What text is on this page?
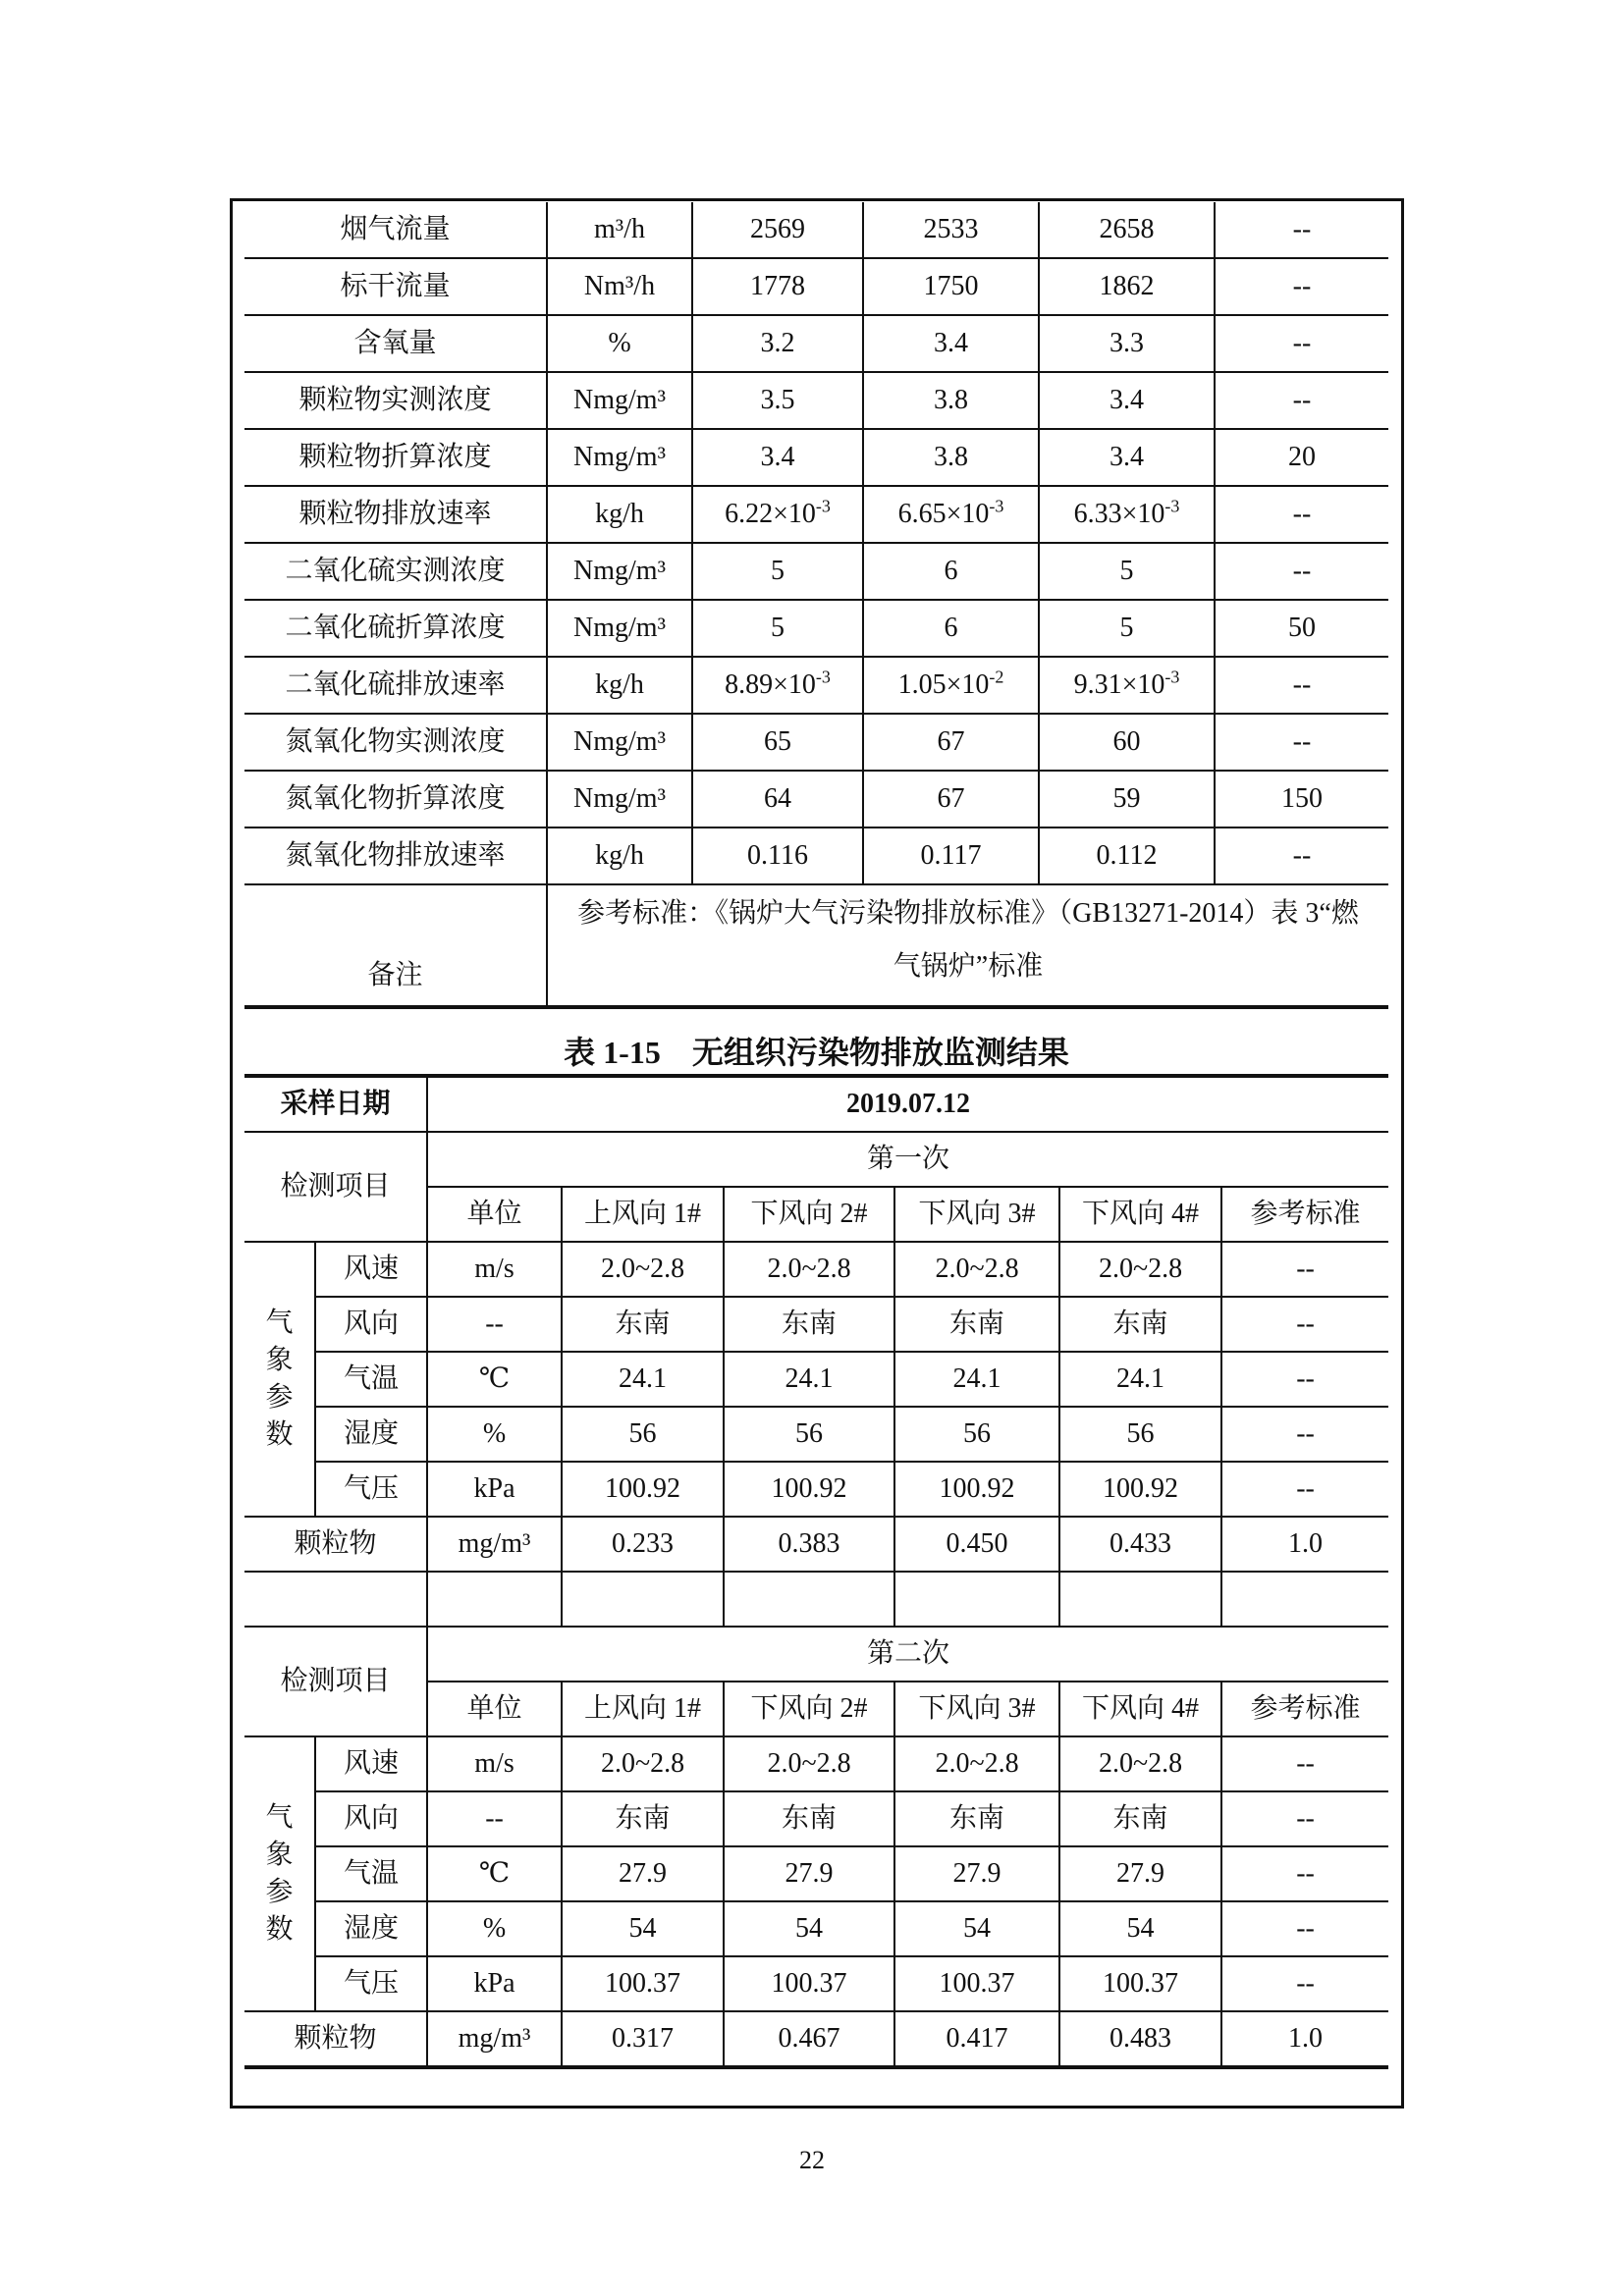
烟气流量	m³/h	2569	2533	2658	--
标干流量	Nm³/h	1778	1750	1862	--
含氧量	%	3.2	3.4	3.3	--
颗粒物实测浓度	Nmg/m³	3.5	3.8	3.4	--
颗粒物折算浓度	Nmg/m³	3.4	3.8	3.4	20
颗粒物排放速率	kg/h	$6.22\times 10^{-3}$	$6.65\times 10^{-3}$	$6.33\times 10^{-3}$	--
二氧化硫实测浓度	Nmg/m³	5	6	5	--
二氧化硫折算浓度	Nmg/m³	5	6	5	50
二氧化硫排放速率	kg/h	$8.89\times 10^{-3}$	$1.05\times 10^{-2}$	$9.31\times 10^{-3}$	--
氮氧化物实测浓度	Nmg/m³	65	67	60	--
氮氧化物折算浓度	Nmg/m³	64	67	59	150
氮氧化物排放速率	kg/h	0.116	0.117	0.112	--
备注	参考标准：《锅炉大气污染物排放标准》（GB13271-2014）表 3“燃
气锅炉”标准				
表 1-15　无组织污染物排放监测结果
采样日期		2019.07.12					
检测项目		第一次					
		单位	上风向 1#	下风向 2#	下风向 3#	下风向 4#	参考标准

气
象
参
数	风速	m/s	2.0~2.8	2.0~2.8	2.0~2.8	2.0~2.8	--
	风向	--	东南	东南	东南	东南	--
	气温	℃	24.1	24.1	24.1	24.1	--
	湿度	%	56	56	56	56	--
	气压	kPa	100.92	100.92	100.92	100.92	--
颗粒物		mg/m³	0.233	0.383	0.450	0.433	1.0

检测项目		第二次					
		单位	上风向 1#	下风向 2#	下风向 3#	下风向 4#	参考标准

气
象
参
数	风速	m/s	2.0~2.8	2.0~2.8	2.0~2.8	2.0~2.8	--
	风向	--	东南	东南	东南	东南	--
	气温	℃	27.9	27.9	27.9	27.9	--
	湿度	%	54	54	54	54	--
	气压	kPa	100.37	100.37	100.37	100.37	--
颗粒物		mg/m³	0.317	0.467	0.417	0.483	1.0

22
